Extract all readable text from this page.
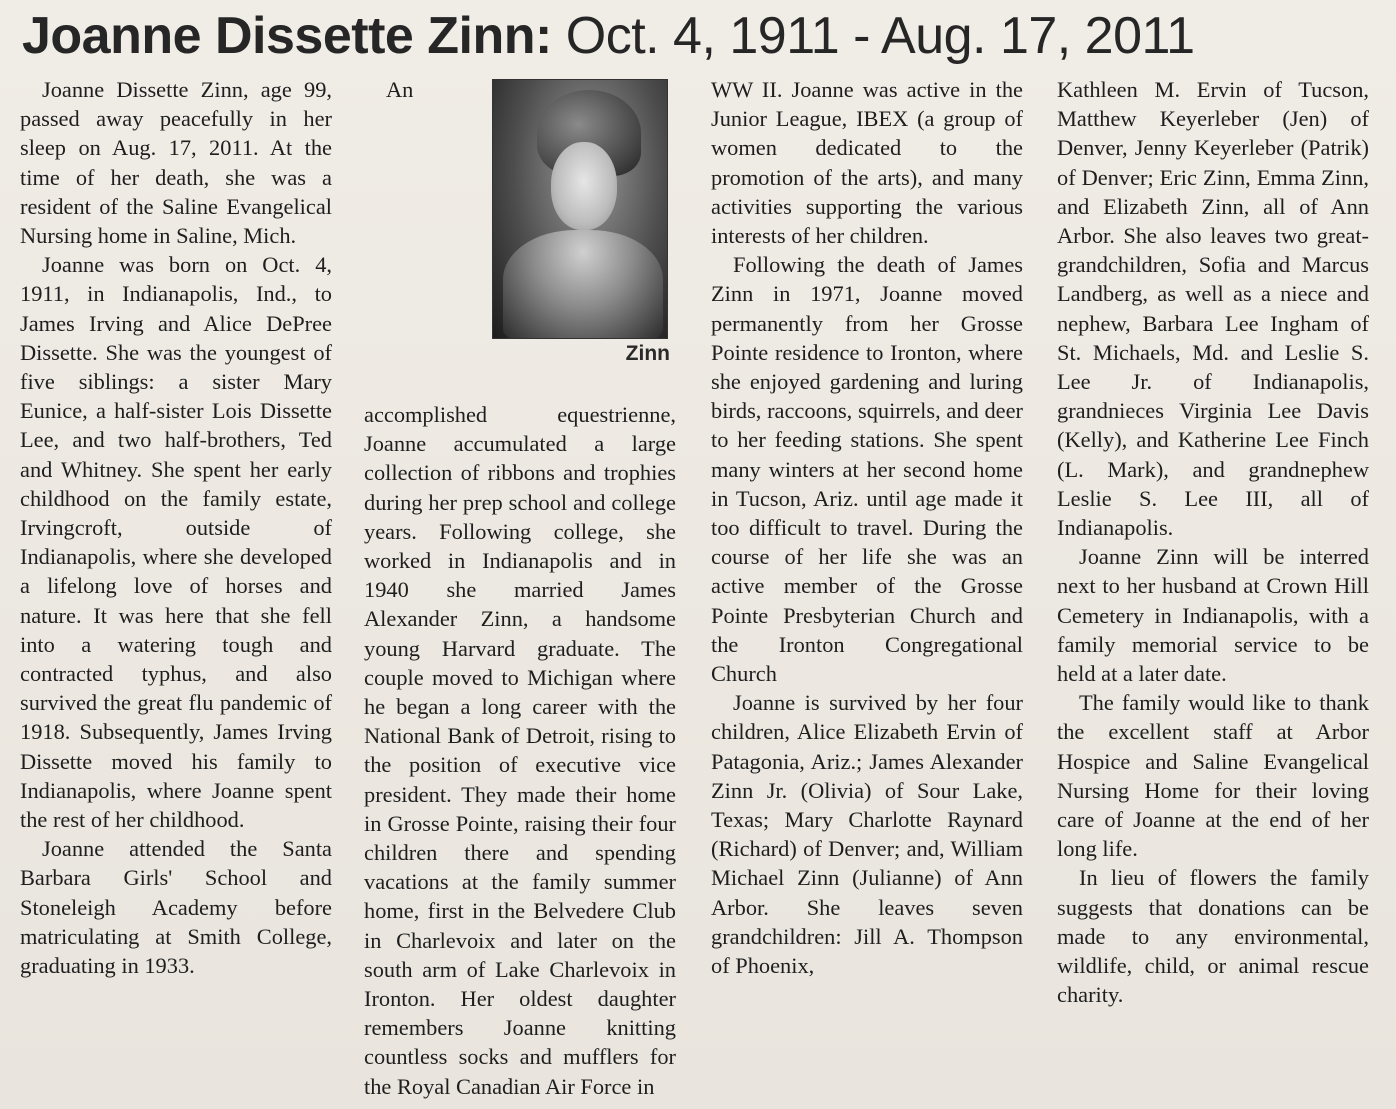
Joanne Dissette Zinn: Oct. 4, 1911 - Aug. 17, 2011

Joanne Dissette Zinn, age 99, passed away peacefully in her sleep on Aug. 17, 2011. At the time of her death, she was a resident of the Saline Evangelical Nursing home in Saline, Mich.

Joanne was born on Oct. 4, 1911, in Indianapolis, Ind., to James Irving and Alice DePree Dissette. She was the youngest of five siblings: a sister Mary Eunice, a half-sister Lois Dissette Lee, and two half-brothers, Ted and Whitney. She spent her early childhood on the family estate, Irvingcroft, outside of Indianapolis, where she developed a lifelong love of horses and nature. It was here that she fell into a watering tough and contracted typhus, and also survived the great flu pandemic of 1918. Subsequently, James Irving Dissette moved his family to Indianapolis, where Joanne spent the rest of her childhood.

Joanne attended the Santa Barbara Girls' School and Stoneleigh Academy before matriculating at Smith College, graduating in 1933.

Zinn

An accomplished equestrienne, Joanne accumulated a large collection of ribbons and trophies during her prep school and college years. Following college, she worked in Indianapolis and in 1940 she married James Alexander Zinn, a handsome young Harvard graduate. The couple moved to Michigan where he began a long career with the National Bank of Detroit, rising to the position of executive vice president. They made their home in Grosse Pointe, raising their four children there and spending vacations at the family summer home, first in the Belvedere Club in Charlevoix and later on the south arm of Lake Charlevoix in Ironton. Her oldest daughter remembers Joanne knitting countless socks and mufflers for the Royal Canadian Air Force in

WW II. Joanne was active in the Junior League, IBEX (a group of women dedicated to the promotion of the arts), and many activities supporting the various interests of her children.

Following the death of James Zinn in 1971, Joanne moved permanently from her Grosse Pointe residence to Ironton, where she enjoyed gardening and luring birds, raccoons, squirrels, and deer to her feeding stations. She spent many winters at her second home in Tucson, Ariz. until age made it too difficult to travel. During the course of her life she was an active member of the Grosse Pointe Presbyterian Church and the Ironton Congregational Church

Joanne is survived by her four children, Alice Elizabeth Ervin of Patagonia, Ariz.; James Alexander Zinn Jr. (Olivia) of Sour Lake, Texas; Mary Charlotte Raynard (Richard) of Denver; and, William Michael Zinn (Julianne) of Ann Arbor. She leaves seven grandchildren: Jill A. Thompson of Phoenix,

Kathleen M. Ervin of Tucson, Matthew Keyerleber (Jen) of Denver, Jenny Keyerleber (Patrik) of Denver; Eric Zinn, Emma Zinn, and Elizabeth Zinn, all of Ann Arbor. She also leaves two great-grandchildren, Sofia and Marcus Landberg, as well as a niece and nephew, Barbara Lee Ingham of St. Michaels, Md. and Leslie S. Lee Jr. of Indianapolis, grandnieces Virginia Lee Davis (Kelly), and Katherine Lee Finch (L. Mark), and grandnephew Leslie S. Lee III, all of Indianapolis.

Joanne Zinn will be interred next to her husband at Crown Hill Cemetery in Indianapolis, with a family memorial service to be held at a later date.

The family would like to thank the excellent staff at Arbor Hospice and Saline Evangelical Nursing Home for their loving care of Joanne at the end of her long life.

In lieu of flowers the family suggests that donations can be made to any environmental, wildlife, child, or animal rescue charity.
